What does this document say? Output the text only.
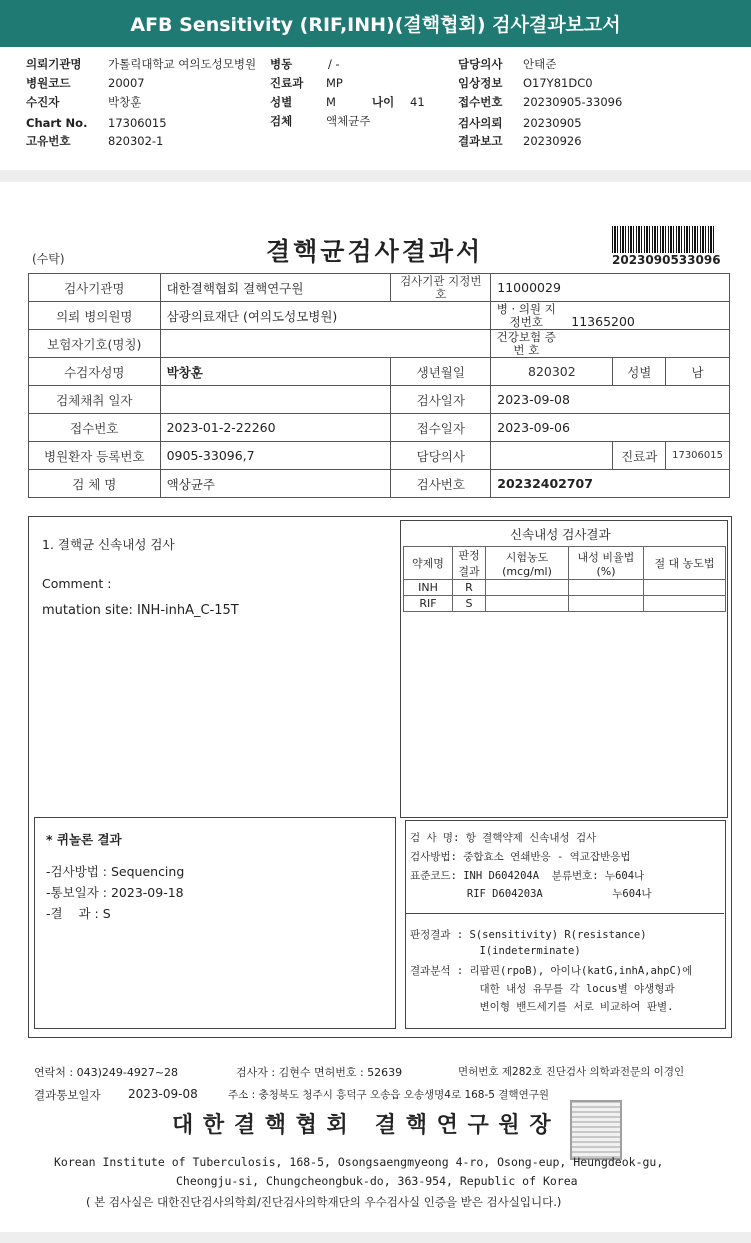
AFB Sensitivity (RIF,INH)(결핵협회) 검사결과보고서
의뢰기관명 가톨릭대학교 여의도성모병원
병원코드	20007
수진자	박창훈
Chart No. 17306015
고유번호	820302-1
병동	/ -
진료과 MP
성별	M	나이 41
검체	액체균주
담당의사 안태준
임상정보 O17Y81DC0
접수번호 20230905-33096
검사의뢰 20230905
결과보고 20230926
(수탁)	결핵균검사결과서	2023090533096
검사기관명	대한결핵협회 결핵연구원	검사기관 지정번호	11000029		
의뢰 병의원명	삼광의료재단 (여의도성모병원)		병 · 의원 지정번호 11365200		
보험자기호(명칭)			건강보험 증 번 호		
수검자성명	박창훈	생년월일	820302	성별	남
검체채취 일자		검사일자	2023-09-08		
접수번호	2023-01-2-22260	접수일자	2023-09-06		
병원환자 등록번호	0905-33096,7	담당의사		진료과	17306015
검 체 명	액상균주	검사번호	20232402707		
1. 결핵균 신속내성 검사
Comment :
mutation site: INH-inhA_C-15T
신속내성 검사결과
약제명	판정 결과	시험농도 (mcg/ml)	내성 비율법(%)	절 대 농도법
INH	R			
RIF	S			
* 퀴놀론 결과
-검사방법 : Sequencing
-통보일자 : 2023-09-18
-결    과 : S
검 사 명: 항 결핵약제 신속내성 검사
검사방법: 중합효소 연쇄반응 - 역교잡반응법
표준코드: INH D604204A  분류번호: 누604나
RIF D604203A           누604나
판정결과 : S(sensitivity) R(resistance)
I(indeterminate)
결과분석 : 리팜핀(rpoB), 아이나(katG,inhA,ahpC)에
대한 내성 유무를 각 locus별 야생형과
변이형 밴드세기를 서로 비교하여 판별.
연락처 : 043)249-4927~28	검사자 : 김현수 면허번호 : 52639	면허번호 제282호 진단검사 의학과전문의 이경인
결과통보일자 2023-09-08	주소 : 충청북도 청주시 흥덕구 오송읍 오송생명4로 168-5 결핵연구원
대 한 결 핵 협 회   결 핵 연 구 원 장
Korean Institute of Tuberculosis, 168-5, Osongsaengmyeong 4-ro, Osong-eup, Heungdeok-gu,
Cheongju-si, Chungcheongbuk-do, 363-954, Republic of Korea
( 본 검사실은 대한진단검사의학회/진단검사의학재단의 우수검사실 인증을 받은 검사실입니다.)
